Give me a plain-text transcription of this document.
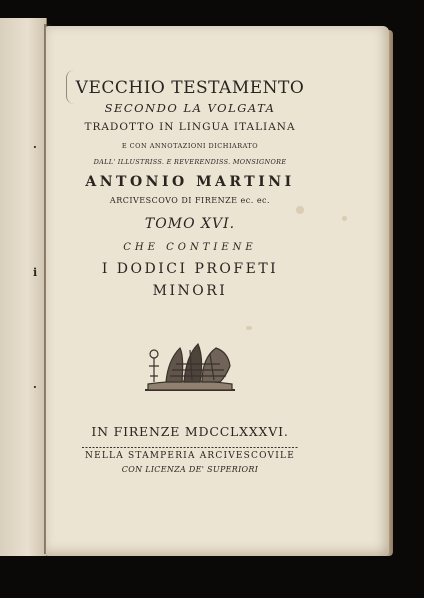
.
i
.
VECCHIO TESTAMENTO
SECONDO LA VOLGATA
TRADOTTO IN LINGUA ITALIANA
E CON ANNOTAZIONI DICHIARATO
DALL' ILLUSTRISS. E REVERENDISS. MONSIGNORE
ANTONIO MARTINI
ARCIVESCOVO DI FIRENZE ec. ec.
TOMO XVI.
CHE CONTIENE
I DODICI PROFETI
MINORI
IN FIRENZE MDCCLXXXVI.
NELLA STAMPERIA ARCIVESCOVILE
CON LICENZA DE' SUPERIORI
